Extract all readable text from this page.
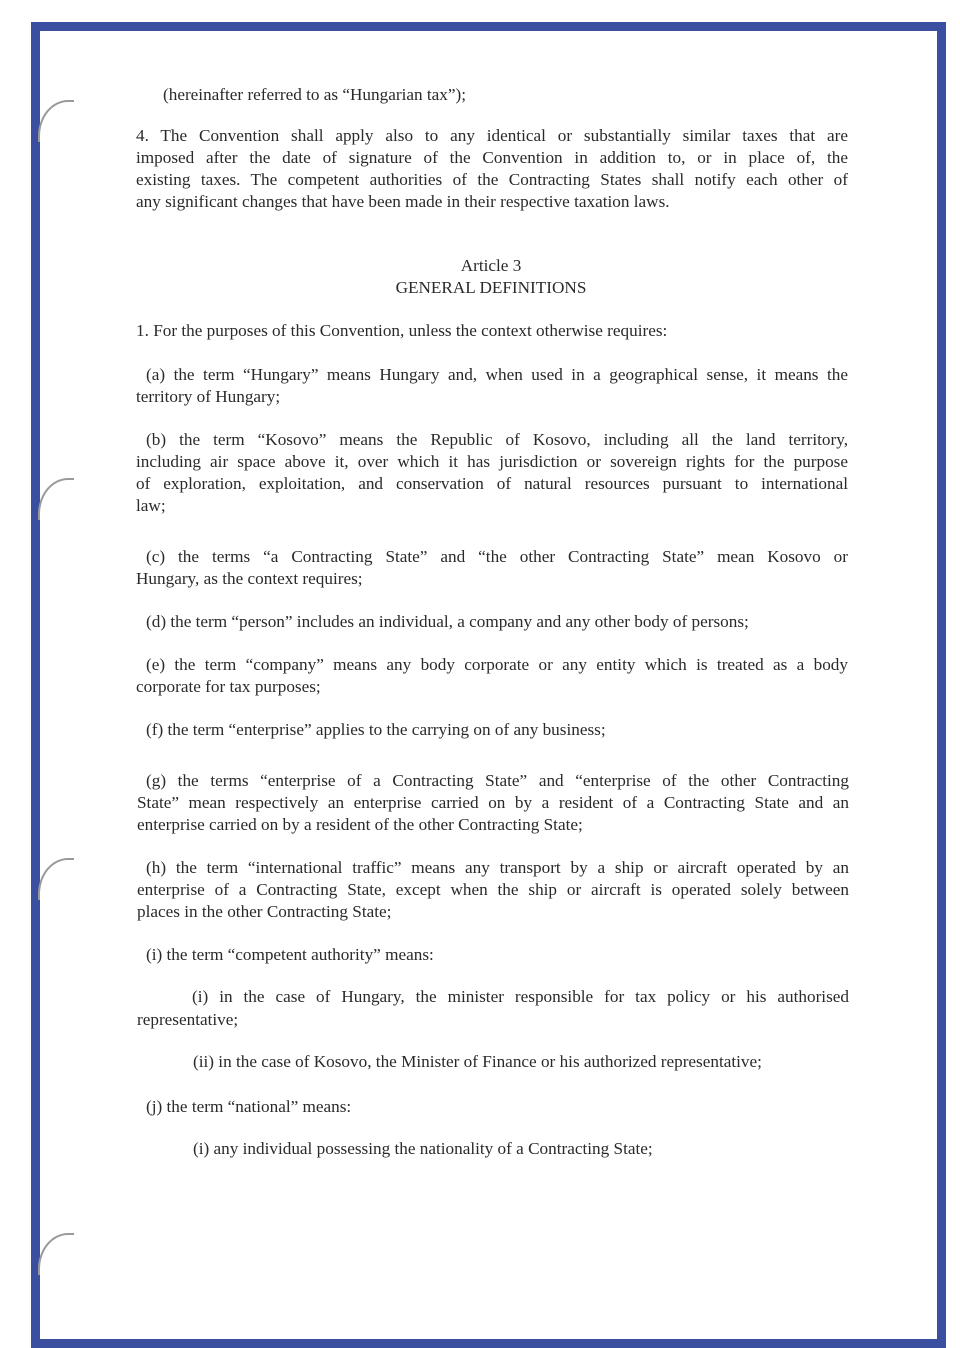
(hereinafter referred to as “Hungarian tax”);

4. The Convention shall apply also to any identical or substantially similar taxes that are

imposed after the date of signature of the Convention in addition to, or in place of, the

existing taxes. The competent authorities of the Contracting States shall notify each other of

any significant changes that have been made in their respective taxation laws.

Article 3

GENERAL DEFINITIONS

1. For the purposes of this Convention, unless the context otherwise requires:

(a) the term “Hungary” means Hungary and, when used in a geographical sense, it means the

territory of Hungary;

(b) the term “Kosovo” means the Republic of Kosovo, including all the land territory,

including air space above it, over which it has jurisdiction or sovereign rights for the purpose

of exploration, exploitation, and conservation of natural resources pursuant to international

law;

(c) the terms “a Contracting State” and “the other Contracting State” mean Kosovo or

Hungary, as the context requires;

(d) the term “person” includes an individual, a company and any other body of persons;

(e) the term “company” means any body corporate or any entity which is treated as a body

corporate for tax purposes;

(f) the term “enterprise” applies to the carrying on of any business;

(g) the terms “enterprise of a Contracting State” and “enterprise of the other Contracting

State” mean respectively an enterprise carried on by a resident of a Contracting State and an

enterprise carried on by a resident of the other Contracting State;

(h) the term “international traffic” means any transport by a ship or aircraft operated by an

enterprise of a Contracting State, except when the ship or aircraft is operated solely between

places in the other Contracting State;

(i) the term “competent authority” means:

(i) in the case of Hungary, the minister responsible for tax policy or his authorised

representative;

(ii) in the case of Kosovo, the Minister of Finance or his authorized representative;

(j) the term “national” means:

(i) any individual possessing the nationality of a Contracting State;
